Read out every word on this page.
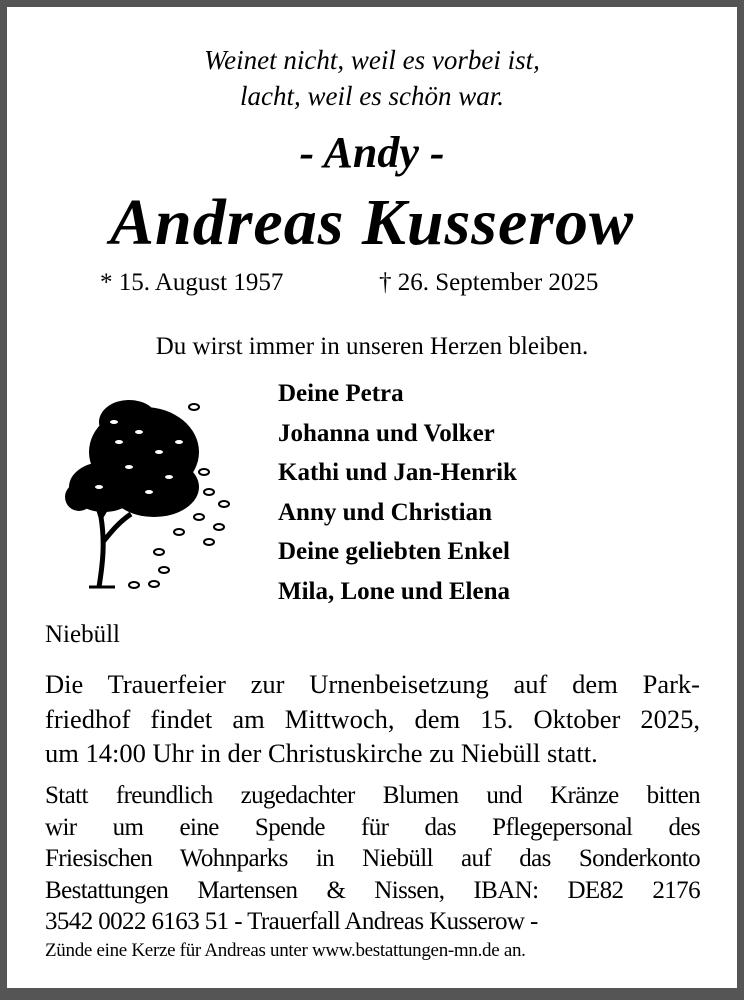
Weinet nicht, weil es vorbei ist,
lacht, weil es schön war.
- Andy -
Andreas Kusserow
* 15. August 1957	† 26. September 2025
Du wirst immer in unseren Herzen bleiben.
Deine Petra
Johanna und Volker
Kathi und Jan-Henrik
Anny und Christian
Deine geliebten Enkel
Mila, Lone und Elena
Niebüll
Die Trauerfeier zur Urnenbeisetzung auf dem Park-
friedhof findet am Mittwoch, dem 15. Oktober 2025,
um 14:00 Uhr in der Christuskirche zu Niebüll statt.
Statt freundlich zugedachter Blumen und Kränze bitten
wir um eine Spende für das Pflegepersonal des
Friesischen Wohnparks in Niebüll auf das Sonderkonto
Bestattungen Martensen & Nissen, IBAN: DE82 2176
3542 0022 6163 51 - Trauerfall Andreas Kusserow -
Zünde eine Kerze für Andreas unter www.bestattungen-mn.de an.
